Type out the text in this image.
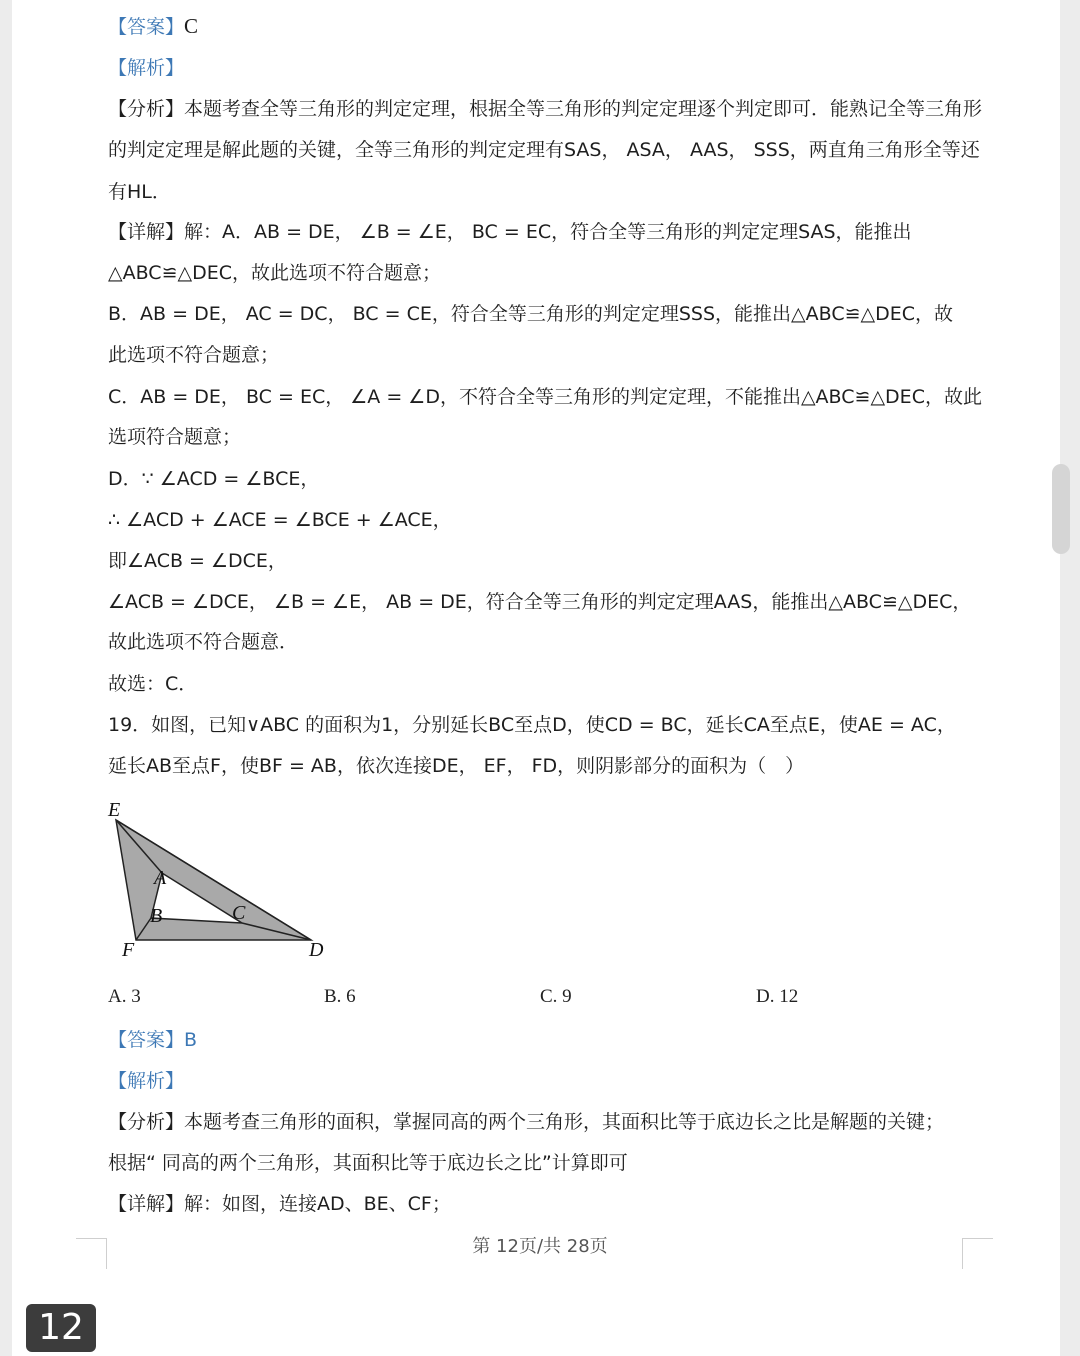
【答案】C
【解析】
【分析】本题考查全等三角形的判定定理，根据全等三角形的判定定理逐个判定即可．能熟记全等三角形
的判定定理是解此题的关键，全等三角形的判定定理有SAS， ASA， AAS， SSS，两直角三角形全等还
有HL．
【详解】解：A．AB = DE， ∠B = ∠E， BC = EC，符合全等三角形的判定定理SAS，能推出
△ABC≌△DEC，故此选项不符合题意；
B．AB = DE， AC = DC， BC = CE，符合全等三角形的判定定理SSS，能推出△ABC≌△DEC，故
此选项不符合题意；
C．AB = DE， BC = EC， ∠A = ∠D，不符合全等三角形的判定定理，不能推出△ABC≌△DEC，故此
选项符合题意；
D．∵ ∠ACD = ∠BCE，
∴ ∠ACD + ∠ACE = ∠BCE + ∠ACE，
即∠ACB = ∠DCE，
∠ACB = ∠DCE， ∠B = ∠E， AB = DE，符合全等三角形的判定定理AAS，能推出△ABC≌△DEC，
故此选项不符合题意．
故选：C．
19．如图，已知∨ABC 的面积为1，分别延长BC至点D，使CD = BC，延长CA至点E，使AE = AC，
延长AB至点F，使BF = AB，依次连接DE， EF， FD，则阴影部分的面积为（　）
E
A
B	C
F	D
A. 3	B. 6	C. 9	D. 12
【答案】B
【解析】
【分析】本题考查三角形的面积，掌握同高的两个三角形，其面积比等于底边长之比是解题的关键；
根据“ 同高的两个三角形，其面积比等于底边长之比”计算即可
【详解】解：如图，连接AD、BE、CF；
第 12页/共 28页
12
